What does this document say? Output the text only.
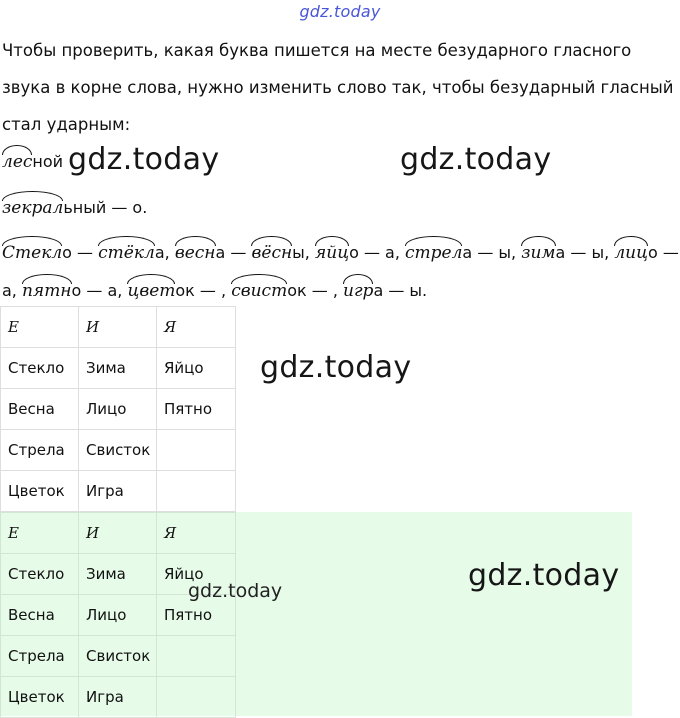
gdz.today

Чтобы проверить, какая буква пишется на месте безударного гласного звука в корне слова, нужно изменить слово так, чтобы безударный гласный стал ударным:

лесной gdz.today	gdz.today
зекральный — о.
Стекло — стёкла, весна — вёсны, яйцо — а, стрела — ы, зима — ы, лицо —
а, пятно — а, цветок — , свисток — , игра — ы.
Е	И	Я
Стекло	Зима	Яйцо
Весна	Лицо	Пятно
Стрела	Свисток	
Цветок	Игра	
gdz.today
Е	И	Я
Стекло	Зима	Яйцо
Весна	Лицо	Пятно
Стрела	Свисток	
Цветок	Игра	
gdz.today	gdz.today
